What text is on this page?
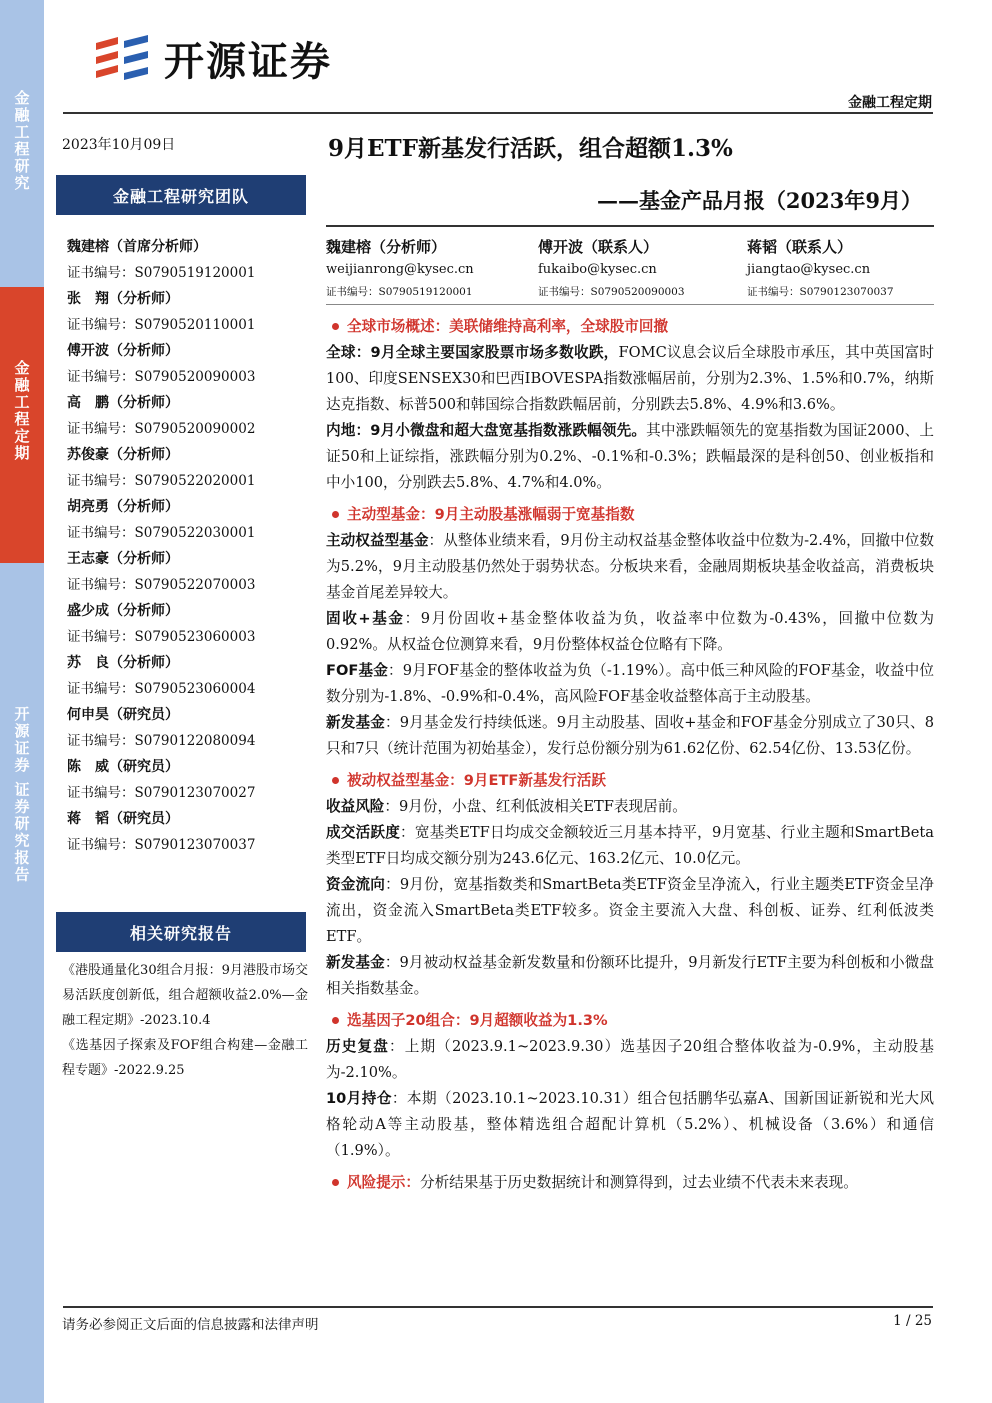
金融工程研究
金融工程定期
开源证券 证券研究报告
开源证券
金融工程定期
2023年10月09日
金融工程研究团队
魏建榕（首席分析师）
证书编号：S0790519120001
张　翔（分析师）
证书编号：S0790520110001
傅开波（分析师）
证书编号：S0790520090003
高　鹏（分析师）
证书编号：S0790520090002
苏俊豪（分析师）
证书编号：S0790522020001
胡亮勇（分析师）
证书编号：S0790522030001
王志豪（分析师）
证书编号：S0790522070003
盛少成（分析师）
证书编号：S0790523060003
苏　良（分析师）
证书编号：S0790523060004
何申昊（研究员）
证书编号：S0790122080094
陈　威（研究员）
证书编号：S0790123070027
蒋　韬（研究员）
证书编号：S0790123070037
相关研究报告
《港股通量化30组合月报：9月港股市场交易活跃度创新低，组合超额收益2.0%—金融工程定期》-2023.10.4
《选基因子探索及FOF组合构建—金融工程专题》-2022.9.25
9月ETF新基发行活跃，组合超额1.3%
——基金产品月报（2023年9月）
魏建榕（分析师）
weijianrong@kysec.cn
证书编号：S0790519120001
傅开波（联系人）
fukaibo@kysec.cn
证书编号：S0790520090003
蒋韬（联系人）
jiangtao@kysec.cn
证书编号：S0790123070037
全球市场概述：美联储维持高利率，全球股市回撤

全球：9月全球主要国家股票市场多数收跌，FOMC议息会议后全球股市承压，其中英国富时100、印度SENSEX30和巴西IBOVESPA指数涨幅居前，分别为2.3%、1.5%和0.7%，纳斯达克指数、标普500和韩国综合指数跌幅居前，分别跌去5.8%、4.9%和3.6%。

内地：9月小微盘和超大盘宽基指数涨跌幅领先。其中涨跌幅领先的宽基指数为国证2000、上证50和上证综指，涨跌幅分别为0.2%、-0.1%和-0.3%；跌幅最深的是科创50、创业板指和中小100，分别跌去5.8%、4.7%和4.0%。

主动型基金：9月主动股基涨幅弱于宽基指数

主动权益型基金：从整体业绩来看，9月份主动权益基金整体收益中位数为-2.4%，回撤中位数为5.2%，9月主动股基仍然处于弱势状态。分板块来看，金融周期板块基金收益高，消费板块基金首尾差异较大。

固收+基金：9月份固收+基金整体收益为负，收益率中位数为-0.43%，回撤中位数为0.92%。从权益仓位测算来看，9月份整体权益仓位略有下降。

FOF基金：9月FOF基金的整体收益为负（-1.19%）。高中低三种风险的FOF基金，收益中位数分别为-1.8%、-0.9%和-0.4%，高风险FOF基金收益整体高于主动股基。

新发基金：9月基金发行持续低迷。9月主动股基、固收+基金和FOF基金分别成立了30只、8只和7只（统计范围为初始基金），发行总份额分别为61.62亿份、62.54亿份、13.53亿份。

被动权益型基金：9月ETF新基发行活跃

收益风险：9月份，小盘、红利低波相关ETF表现居前。

成交活跃度：宽基类ETF日均成交金额较近三月基本持平，9月宽基、行业主题和SmartBeta类型ETF日均成交额分别为243.6亿元、163.2亿元、10.0亿元。

资金流向：9月份，宽基指数类和SmartBeta类ETF资金呈净流入，行业主题类ETF资金呈净流出，资金流入SmartBeta类ETF较多。资金主要流入大盘、科创板、证券、红利低波类ETF。

新发基金：9月被动权益基金新发数量和份额环比提升，9月新发行ETF主要为科创板和小微盘相关指数基金。

选基因子20组合：9月超额收益为1.3%

历史复盘：上期（2023.9.1~2023.9.30）选基因子20组合整体收益为-0.9%，主动股基为-2.10%。

10月持仓：本期（2023.10.1~2023.10.31）组合包括鹏华弘嘉A、国新国证新锐和光大风格轮动A等主动股基，整体精选组合超配计算机（5.2%）、机械设备（3.6%）和通信（1.9%）。

风险提示：分析结果基于历史数据统计和测算得到，过去业绩不代表未来表现。

请务必参阅正文后面的信息披露和法律声明	1 / 25
